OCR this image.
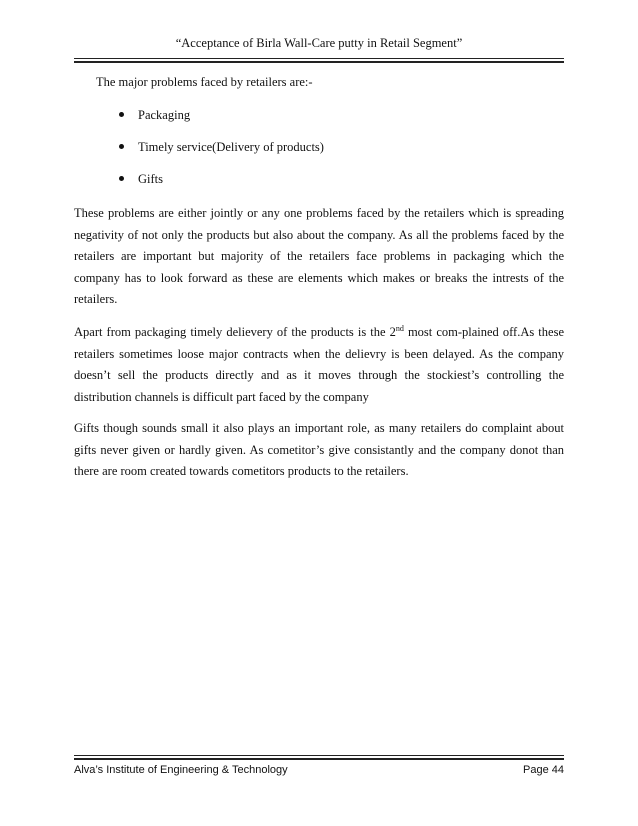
“Acceptance of Birla Wall-Care putty in Retail Segment”
The major problems faced by retailers are:-
Packaging
Timely service(Delivery of products)
Gifts

These problems are either jointly or any one problems faced by the retailers which is spreading negativity of not only the products but also about the company. As all the problems faced by the retailers are important but majority of the retailers face problems in packaging which the company has to look forward as these are elements which makes or breaks the intrests of the retailers.

Apart from packaging timely delievery of the products is the 2nd most com-plained off.As these retailers sometimes loose major contracts when the delievry is been delayed. As the company doesn’t sell the products directly and as it moves through the stockiest’s controlling the distribution channels is difficult part faced by the company

Gifts though sounds small it also plays an important role, as many retailers do complaint about gifts never given or hardly given. As cometitor’s give consistantly and the company donot than there are room created towards cometitors products to the retailers.

Alva’s Institute of Engineering & Technology	Page 44
